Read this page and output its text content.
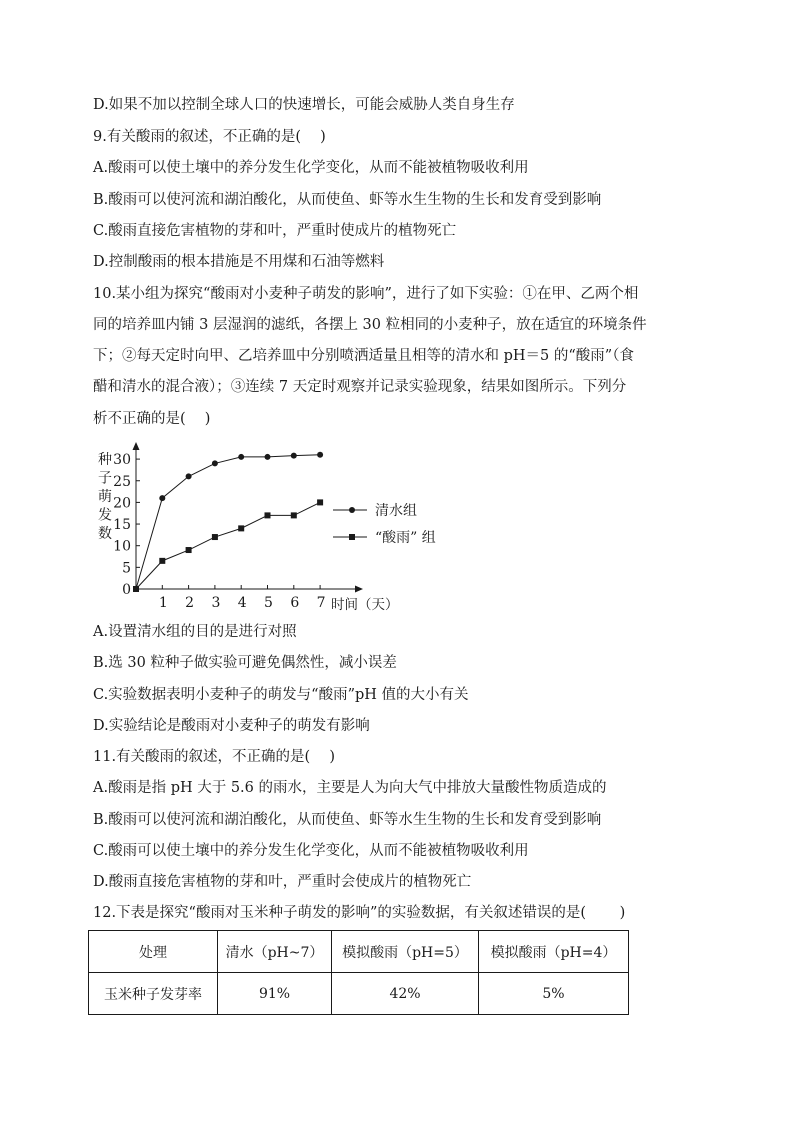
D.如果不加以控制全球人口的快速增长，可能会威胁人类自身生存
9.有关酸雨的叙述，不正确的是(　 )
A.酸雨可以使土壤中的养分发生化学变化，从而不能被植物吸收利用
B.酸雨可以使河流和湖泊酸化，从而使鱼、虾等水生生物的生长和发育受到影响
C.酸雨直接危害植物的芽和叶，严重时使成片的植物死亡
D.控制酸雨的根本措施是不用煤和石油等燃料
10.某小组为探究“酸雨对小麦种子萌发的影响”，进行了如下实验：①在甲、乙两个相
同的培养皿内铺 3 层湿润的滤纸，各摆上 30 粒相同的小麦种子，放在适宜的环境条件
下；②每天定时向甲、乙培养皿中分别喷洒适量且相等的清水和 pH＝5 的“酸雨”（食
醋和清水的混合液）；③连续 7 天定时观察并记录实验现象，结果如图所示。下列分
析不正确的是(　 )
0
5
10
15
20
25
30
1 2 3 4 5 6 7 时间（天）
种
子
萌
发
数
清水组
“酸雨” 组
A.设置清水组的目的是进行对照
B.选 30 粒种子做实验可避免偶然性，减小误差
C.实验数据表明小麦种子的萌发与“酸雨”pH 值的大小有关
D.实验结论是酸雨对小麦种子的萌发有影响
11.有关酸雨的叙述，不正确的是(　 )
A.酸雨是指 pH 大于 5.6 的雨水，主要是人为向大气中排放大量酸性物质造成的
B.酸雨可以使河流和湖泊酸化，从而使鱼、虾等水生生物的生长和发育受到影响
C.酸雨可以使土壤中的养分发生化学变化，从而不能被植物吸收利用
D.酸雨直接危害植物的芽和叶，严重时会使成片的植物死亡
12.下表是探究“酸雨对玉米种子萌发的影响”的实验数据，有关叙述错误的是(　 　)
处理	清水（pH~7）	模拟酸雨（pH=5）	模拟酸雨（pH=4）
玉米种子发芽率	91%	42%	5%
